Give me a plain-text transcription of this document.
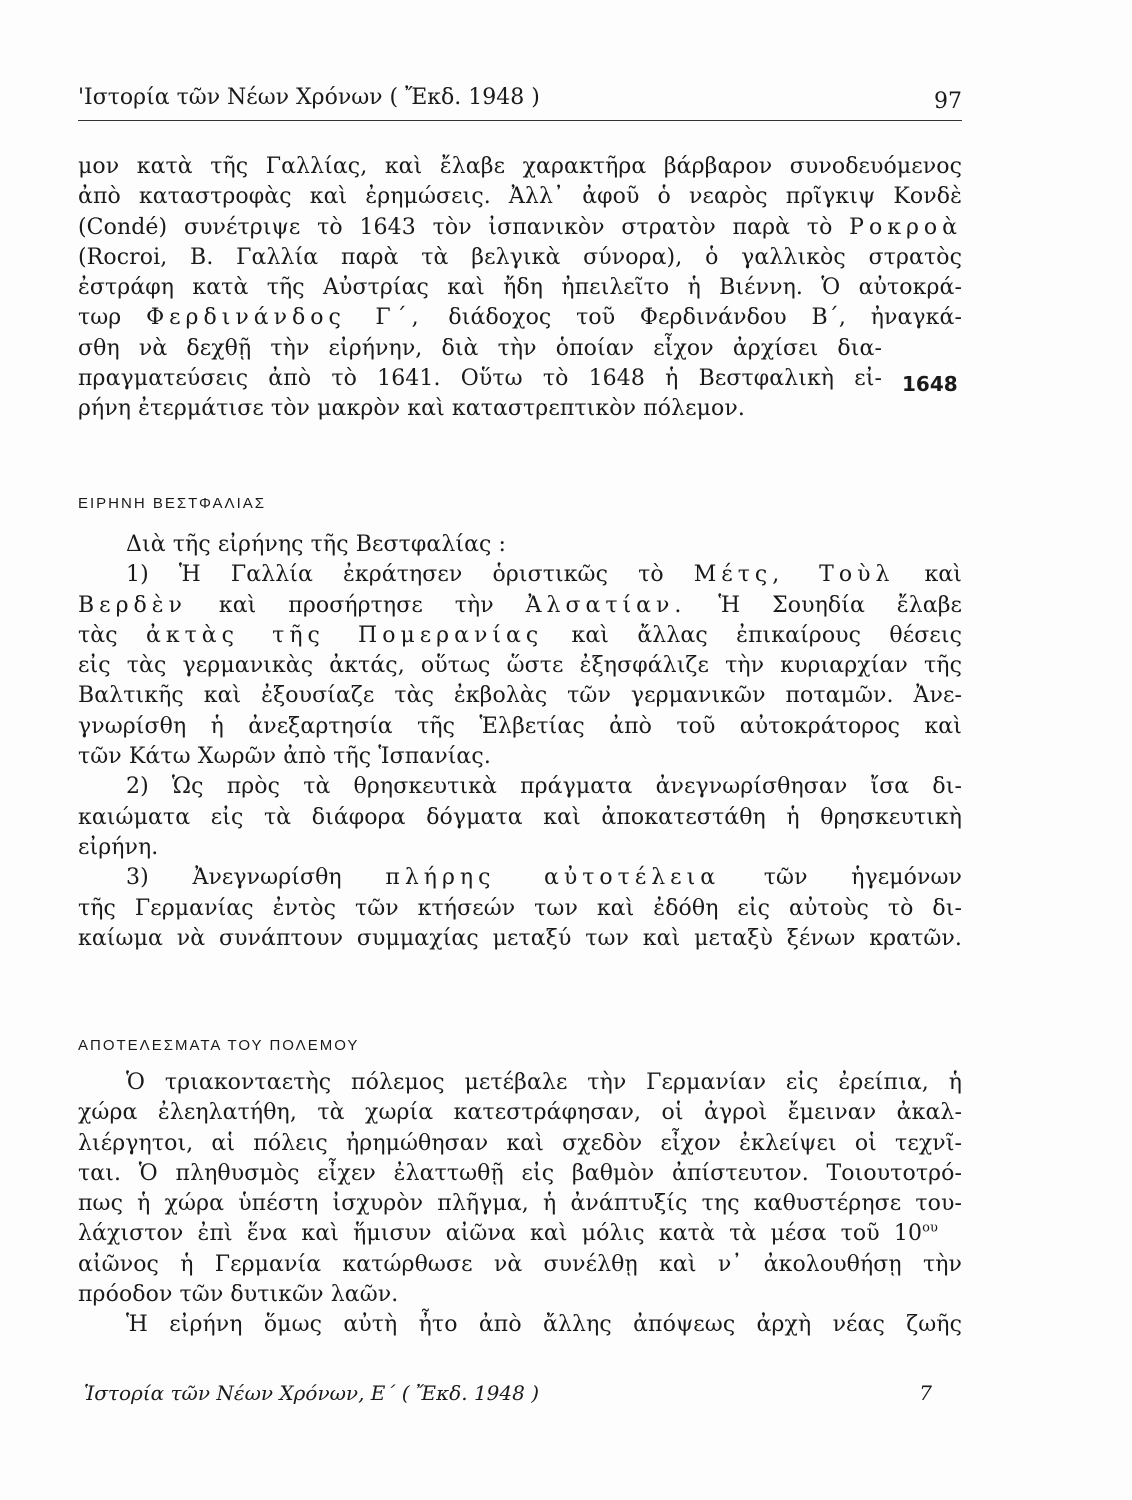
'Ιστορία τῶν Νέων Χρόνων ( Ἔκδ. 1948 )	97
μον κατὰ τῆς Γαλλίας, καὶ ἔλαβε χαρακτῆρα βάρβαρον συνοδευόμενος
ἀπὸ καταστροφὰς καὶ ἐρημώσεις. Ἀλλ᾽ ἀφοῦ ὁ νεαρὸς πρῖγκιψ Κονδὲ
(Condé) συνέτριψε τὸ 1643 τὸν ἰσπανικὸν στρατὸν παρὰ τὸ Ροκροὰ
(Rocroi, B. Γαλλία παρὰ τὰ βελγικὰ σύνορα), ὁ γαλλικὸς στρατὸς
ἐστράφη κατὰ τῆς Αὐστρίας καὶ ἤδη ἠπειλεῖτο ἡ Βιέννη. Ὁ αὐτοκρά-
τωρ Φερδινάνδος Γ΄, διάδοχος τοῦ Φερδινάνδου Β΄, ἠναγκά-
σθη νὰ δεχθῇ τὴν εἰρήνην, διὰ τὴν ὁποίαν εἶχον ἀρχίσει δια-
πραγματεύσεις ἀπὸ τὸ 1641. Οὕτω τὸ 1648 ἡ Βεστφαλικὴ εἰ-
ρήνη ἐτερμάτισε τὸν μακρὸν καὶ καταστρεπτικὸν πόλεμον.
1648
ΕΙΡΗΝΗ ΒΕΣΤΦΑΛΙΑΣ
Διὰ τῆς εἰρήνης τῆς Βεστφαλίας :
1) Ἡ Γαλλία ἐκράτησεν ὁριστικῶς τὸ Μέτς, Τοὺλ καὶ
Βερδὲν καὶ προσήρτησε τὴν Ἀλσατίαν. Ἡ Σουηδία ἔλαβε
τὰς ἀκτὰς τῆς Πομερανίας καὶ ἄλλας ἐπικαίρους θέσεις
εἰς τὰς γερμανικὰς ἀκτάς, οὕτως ὥστε ἐξησφάλιζε τὴν κυριαρχίαν τῆς
Βαλτικῆς καὶ ἐξουσίαζε τὰς ἐκβολὰς τῶν γερμανικῶν ποταμῶν. Ἀνε-
γνωρίσθη ἡ ἀνεξαρτησία τῆς Ἑλβετίας ἀπὸ τοῦ αὐτοκράτορος καὶ
τῶν Κάτω Χωρῶν ἀπὸ τῆς Ἱσπανίας.
2) Ὡς πρὸς τὰ θρησκευτικὰ πράγματα ἀνεγνωρίσθησαν ἴσα δι-
καιώματα εἰς τὰ διάφορα δόγματα καὶ ἀποκατεστάθη ἡ θρησκευτικὴ
εἰρήνη.
3) Ἀνεγνωρίσθη πλήρης αὐτοτέλεια τῶν ἡγεμόνων
τῆς Γερμανίας ἐντὸς τῶν κτήσεών των καὶ ἐδόθη εἰς αὐτοὺς τὸ δι-
καίωμα νὰ συνάπτουν συμμαχίας μεταξύ των καὶ μεταξὺ ξένων κρατῶν.
ΑΠΟΤΕΛΕΣΜΑΤΑ ΤΟΥ ΠΟΛΕΜΟΥ
Ὁ τριακονταετὴς πόλεμος μετέβαλε τὴν Γερμανίαν εἰς ἐρείπια, ἡ
χώρα ἐλεηλατήθη, τὰ χωρία κατεστράφησαν, οἱ ἀγροὶ ἔμειναν ἀκαλ-
λιέργητοι, αἱ πόλεις ἠρημώθησαν καὶ σχεδὸν εἶχον ἐκλείψει οἱ τεχνῖ-
ται. Ὁ πληθυσμὸς εἶχεν ἐλαττωθῇ εἰς βαθμὸν ἀπίστευτον. Τοιουτοτρό-
πως ἡ χώρα ὑπέστη ἰσχυρὸν πλῆγμα, ἡ ἀνάπτυξίς της καθυστέρησε του-
λάχιστον ἐπὶ ἕνα καὶ ἥμισυν αἰῶνα καὶ μόλις κατὰ τὰ μέσα τοῦ $10^{o\upsilon}$
αἰῶνος ἡ Γερμανία κατώρθωσε νὰ συνέλθῃ καὶ ν᾽ ἀκολουθήσῃ τὴν
πρόοδον τῶν δυτικῶν λαῶν.
Ἡ εἰρήνη ὅμως αὐτὴ ἦτο ἀπὸ ἄλλης ἀπόψεως ἀρχὴ νέας ζωῆς
Ἱστορία τῶν Νέων Χρόνων, Ε΄ ( Ἔκδ. 1948 )	7
